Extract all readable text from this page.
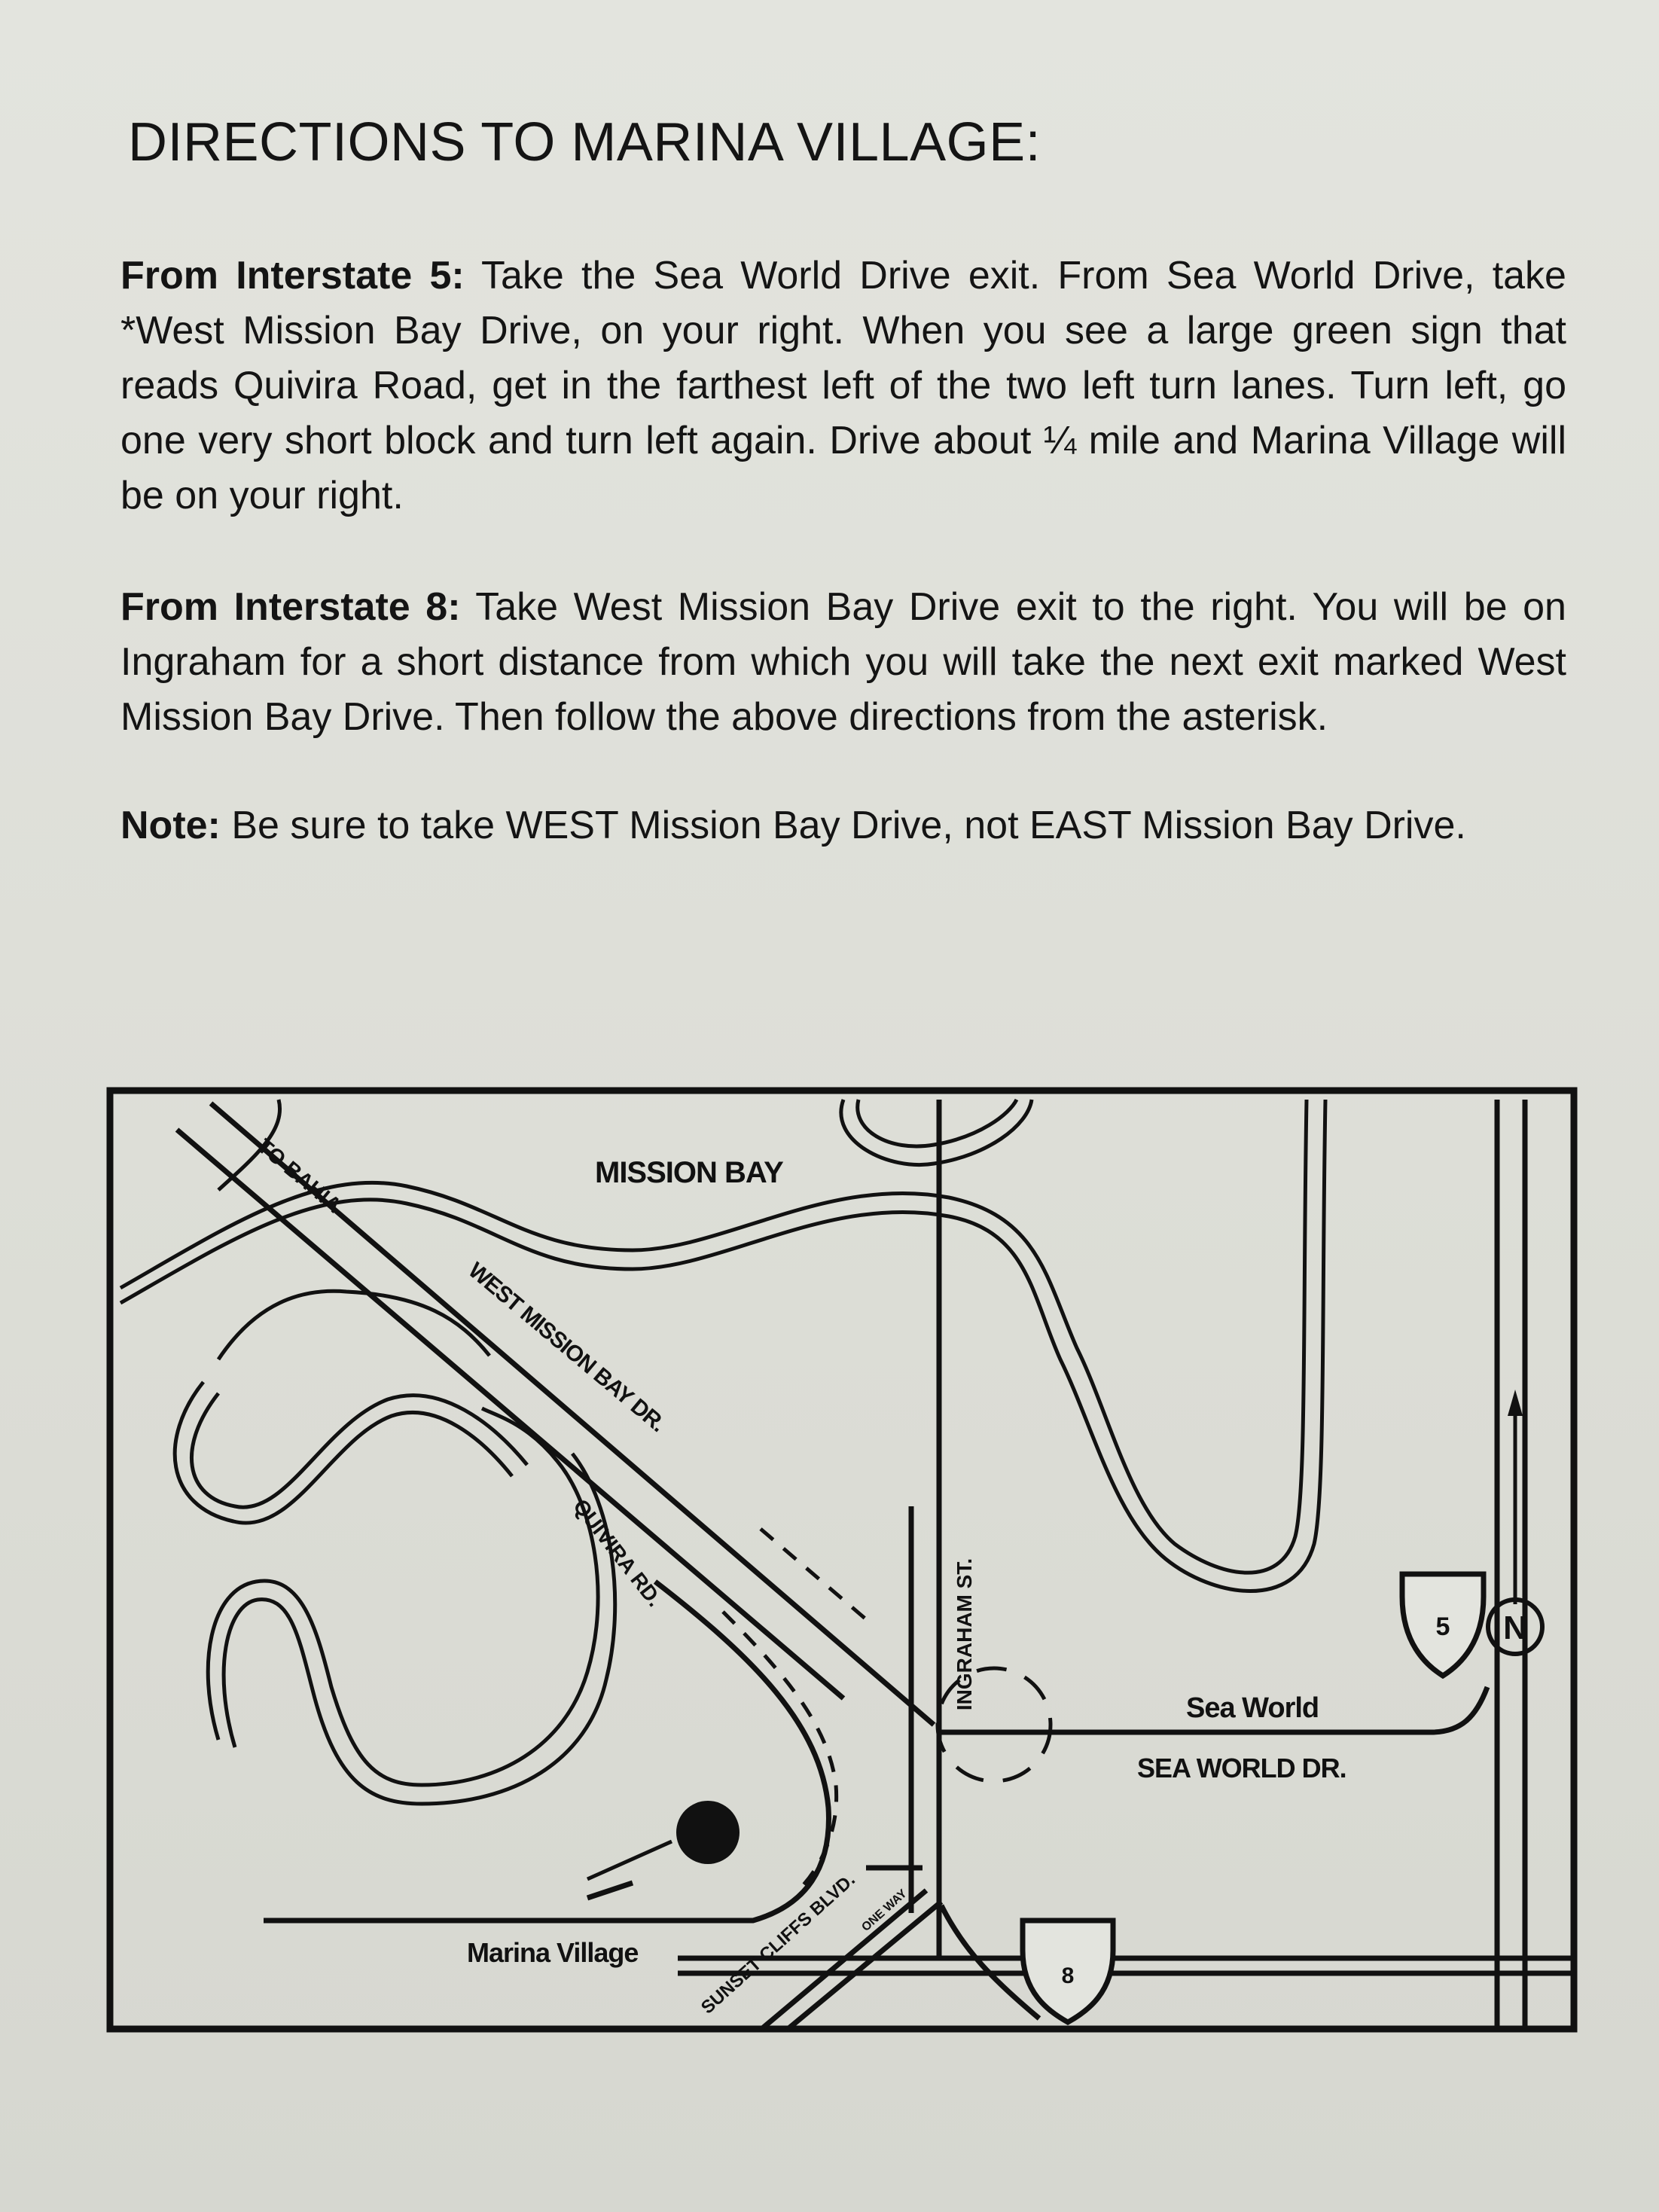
DIRECTIONS TO MARINA VILLAGE:

From Interstate 5: Take the Sea World Drive exit. From Sea World Drive, take *West Mission Bay Drive, on your right. When you see a large green sign that reads Quivira Road, get in the farthest left of the two left turn lanes. Turn left, go one very short block and turn left again. Drive about ¼ mile and Marina Village will be on your right.

From Interstate 8: Take West Mission Bay Drive exit to the right. You will be on Ingraham for a short distance from which you will take the next exit marked West Mission Bay Drive. Then follow the above directions from the asterisk.

Note: Be sure to take WEST Mission Bay Drive, not EAST Mission Bay Drive.

N
5
8
MISSION BAY
TO BAHIA
WEST MISSION BAY DR.
QUIVIRA RD.
INGRAHAM ST.	Sea World
SEA WORLD DR.
Marina Village	SUNSET CLIFFS BLVD. ONE WAY
